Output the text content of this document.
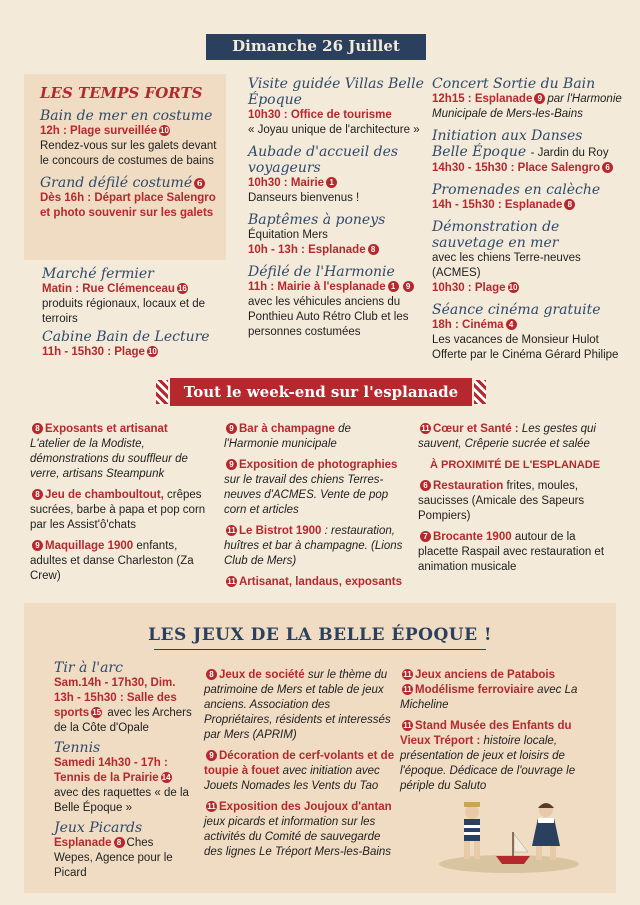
Dimanche 26 Juillet
LES TEMPS FORTS
Bain de mer en costume
12h : Plage surveillée 10
Rendez-vous sur les galets devant le concours de costumes de bains
Grand défilé costumé 6
Dès 16h : Départ place Salengro et photo souvenir sur les galets
Marché fermier
Matin : Rue Clémenceau 16 produits régionaux, locaux et de terroirs
Cabine Bain de Lecture
11h - 15h30 : Plage 10
Visite guidée Villas Belle Époque
10h30 : Office de tourisme
« Joyau unique de l'architecture »
Aubade d'accueil des voyageurs
10h30 : Mairie 1
Danseurs bienvenus !
Baptêmes à poneys
Équitation Mers
10h - 13h : Esplanade 8
Défilé de l'Harmonie
11h : Mairie à l'esplanade 1 9
avec les véhicules anciens du Ponthieu Auto Rétro Club et les personnes costumées
Concert Sortie du Bain
12h15 : Esplanade 9 par l'Harmonie Municipale de Mers-les-Bains
Initiation aux Danses Belle Époque - Jardin du Roy
14h30 - 15h30 : Place Salengro 6
Promenades en calèche
14h - 15h30 : Esplanade 8
Démonstration de sauvetage en mer
avec les chiens Terre-neuves (ACMES)
10h30 : Plage 10
Séance cinéma gratuite
18h : Cinéma 4
Les vacances de Monsieur Hulot Offerte par le Cinéma Gérard Philipe
Tout le week-end sur l'esplanade
8 Exposants et artisanat L'atelier de la Modiste, démonstrations du souffleur de verre, artisans Steampunk
8 Jeu de chamboultout, crêpes sucrées, barbe à papa et pop corn par les Assist'ô'chats
9 Maquillage 1900 enfants, adultes et danse Charleston (Za Crew)
9 Bar à champagne de l'Harmonie municipale
9 Exposition de photographies sur le travail des chiens Terres-neuves d'ACMES. Vente de pop corn et articles
11 Le Bistrot 1900 : restauration, huîtres et bar à champagne. (Lions Club de Mers)
11 Artisanat, landaus, exposants
11 Cœur et Santé : Les gestes qui sauvent, Crêperie sucrée et salée
À PROXIMITÉ DE L'ESPLANADE
6 Restauration frites, moules, saucisses (Amicale des Sapeurs Pompiers)
7 Brocante 1900 autour de la placette Raspail avec restauration et animation musicale
LES JEUX DE LA BELLE ÉPOQUE !
Tir à l'arc
Sam.14h - 17h30, Dim. 13h - 15h30 : Salle des sports 15 avec les Archers de la Côte d'Opale
Tennis
Samedi 14h30 - 17h : Tennis de la Prairie 14 avec des raquettes « de la Belle Époque »
Jeux Picards
Esplanade 8 Ches Wepes, Agence pour le Picard
8 Jeux de société sur le thème du patrimoine de Mers et table de jeux anciens. Association des Propriétaires, résidents et interessés par Mers (APRIM)
9 Décoration de cerf-volants et de toupie à fouet avec initiation avec Jouets Nomades les Vents du Tao
11 Exposition des Joujoux d'antan jeux picards et information sur les activités du Comité de sauvegarde des lignes Le Tréport Mers-les-Bains
11 Jeux anciens de Patabois
11 Modélisme ferroviaire avec La Micheline
11 Stand Musée des Enfants du Vieux Tréport : histoire locale, présentation de jeux et loisirs de l'époque. Dédicace de l'ouvrage le périple du Saluto
